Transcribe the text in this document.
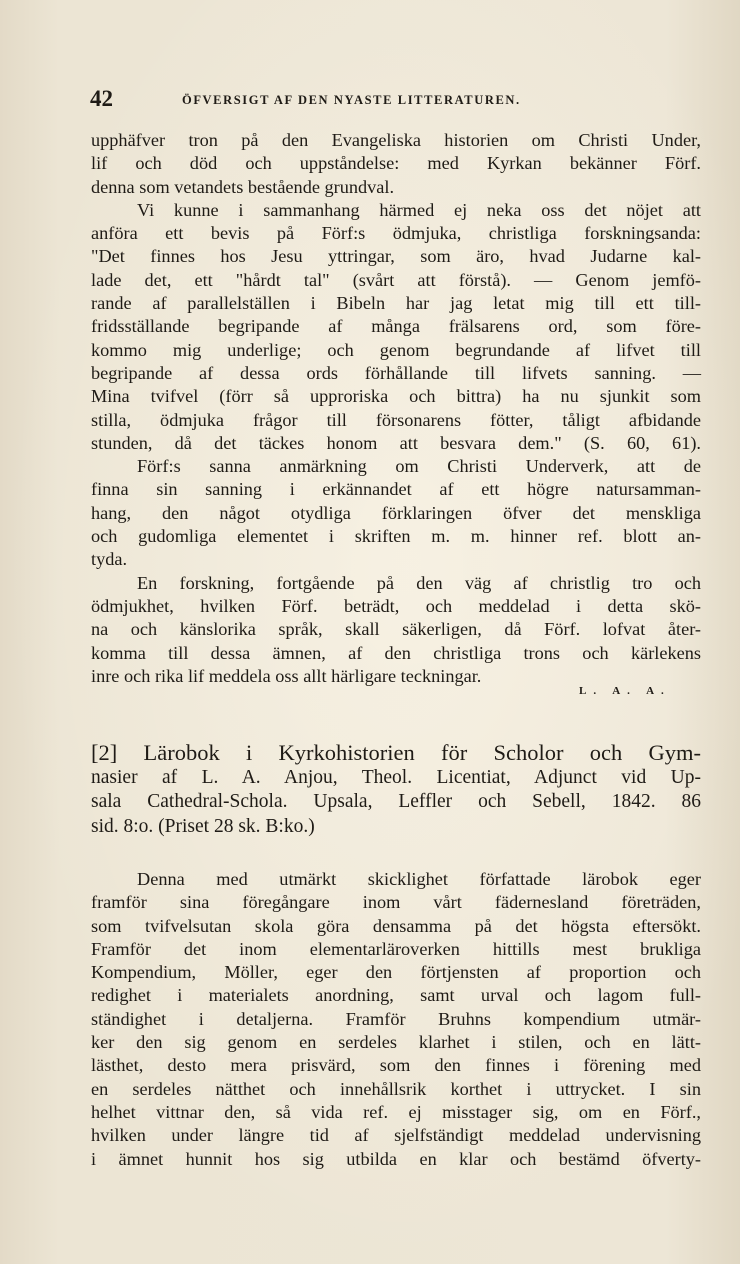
42	ÖFVERSIGT AF DEN NYASTE LITTERATUREN.
upphäfver tron på den Evangeliska historien om Christi Under,
lif och död och uppståndelse: med Kyrkan bekänner Förf.
denna som vetandets bestående grundval.
Vi kunne i sammanhang härmed ej neka oss det nöjet att
anföra ett bevis på Förf:s ödmjuka, christliga forskningsanda:
"Det finnes hos Jesu yttringar, som äro, hvad Judarne kal-
lade det, ett "hårdt tal" (svårt att förstå). — Genom jemfö-
rande af parallelställen i Bibeln har jag letat mig till ett till-
fridsställande begripande af många frälsarens ord, som före-
kommo mig underlige; och genom begrundande af lifvet till
begripande af dessa ords förhållande till lifvets sanning. —
Mina tvifvel (förr så upproriska och bittra) ha nu sjunkit som
stilla, ödmjuka frågor till försonarens fötter, tåligt afbidande
stunden, då det täckes honom att besvara dem." (S. 60, 61).
Förf:s sanna anmärkning om Christi Underverk, att de
finna sin sanning i erkännandet af ett högre natursamman-
hang, den något otydliga förklaringen öfver det menskliga
och gudomliga elementet i skriften m. m. hinner ref. blott an-
tyda.
En forskning, fortgående på den väg af christlig tro och
ödmjukhet, hvilken Förf. beträdt, och meddelad i detta skö-
na och känslorika språk, skall säkerligen, då Förf. lofvat åter-
komma till dessa ämnen, af den christliga trons och kärlekens
inre och rika lif meddela oss allt härligare teckningar.
L. A. A.
[2] Lärobok i Kyrkohistorien för Scholor och Gym-
nasier af L. A. Anjou, Theol. Licentiat, Adjunct vid Up-
sala Cathedral-Schola. Upsala, Leffler och Sebell, 1842. 86
sid. 8:o. (Priset 28 sk. B:ko.)
Denna med utmärkt skicklighet författade lärobok eger
framför sina föregångare inom vårt fädernesland företräden,
som tvifvelsutan skola göra densamma på det högsta eftersökt.
Framför det inom elementarläroverken hittills mest brukliga
Kompendium, Möller, eger den förtjensten af proportion och
redighet i materialets anordning, samt urval och lagom full-
ständighet i detaljerna. Framför Bruhns kompendium utmär-
ker den sig genom en serdeles klarhet i stilen, och en lätt-
lästhet, desto mera prisvärd, som den finnes i förening med
en serdeles nätthet och innehållsrik korthet i uttrycket. I sin
helhet vittnar den, så vida ref. ej misstager sig, om en Förf.,
hvilken under längre tid af sjelfständigt meddelad undervisning
i ämnet hunnit hos sig utbilda en klar och bestämd öfverty-
